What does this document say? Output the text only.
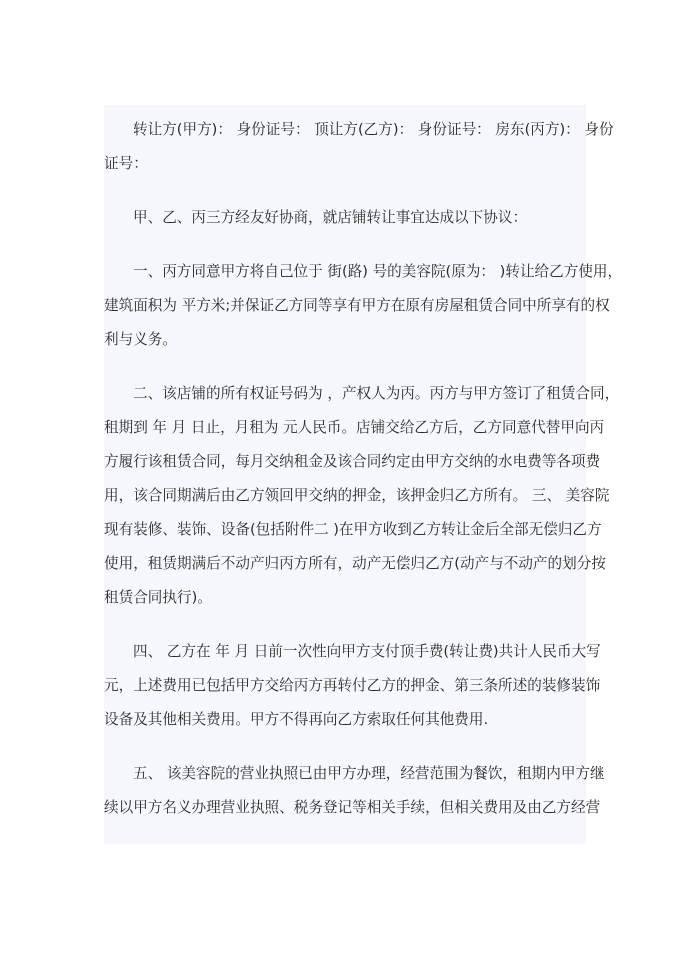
转让方(甲方)： 身份证号： 顶让方(乙方)： 身份证号： 房东(丙方)： 身份
证号：
甲、乙、丙三方经友好协商，就店铺转让事宜达成以下协议：
一、丙方同意甲方将自己位于 街(路) 号的美容院(原为： )转让给乙方使用，
建筑面积为 平方米;并保证乙方同等享有甲方在原有房屋租赁合同中所享有的权
利与义务。
二、该店铺的所有权证号码为 ，产权人为丙。丙方与甲方签订了租赁合同，
租期到 年 月 日止，月租为 元人民币。店铺交给乙方后，乙方同意代替甲向丙
方履行该租赁合同，每月交纳租金及该合同约定由甲方交纳的水电费等各项费
用，该合同期满后由乙方领回甲交纳的押金，该押金归乙方所有。 三、 美容院
现有装修、装饰、设备(包括附件二 )在甲方收到乙方转让金后全部无偿归乙方
使用，租赁期满后不动产归丙方所有，动产无偿归乙方(动产与不动产的划分按
租赁合同执行)。
四、 乙方在 年 月 日前一次性向甲方支付顶手费(转让费)共计人民币大写
元，上述费用已包括甲方交给丙方再转付乙方的押金、第三条所述的装修装饰
设备及其他相关费用。甲方不得再向乙方索取任何其他费用.
五、 该美容院的营业执照已由甲方办理，经营范围为餐饮，租期内甲方继
续以甲方名义办理营业执照、税务登记等相关手续，但相关费用及由乙方经营
